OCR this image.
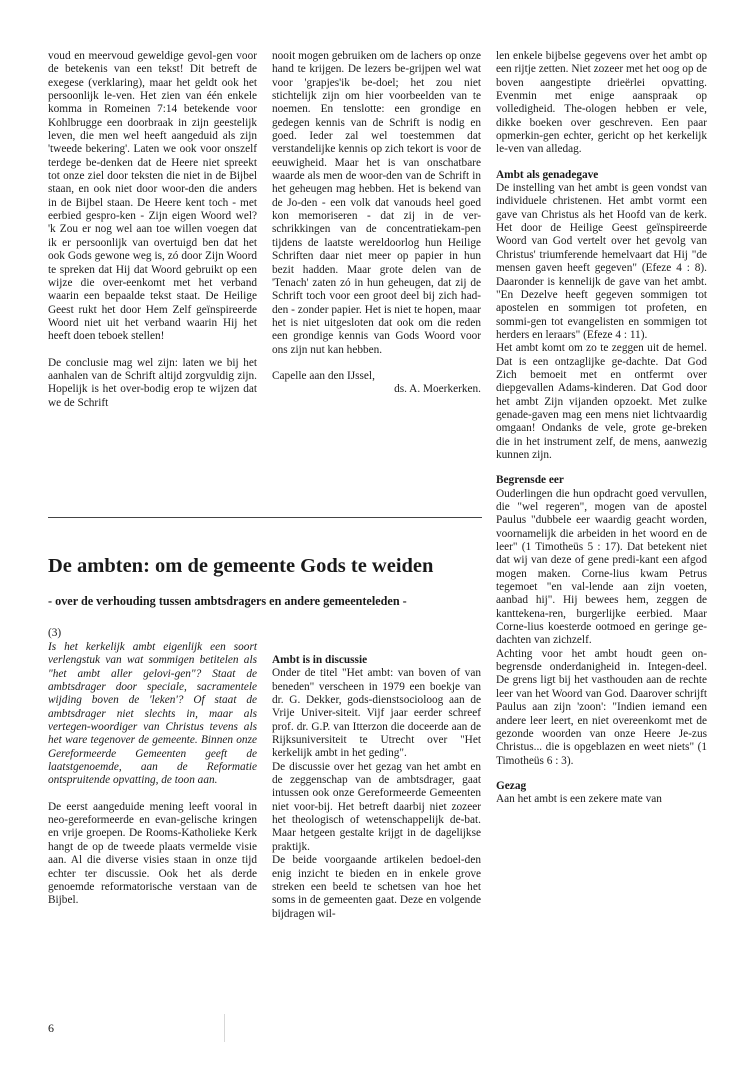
voud en meervoud geweldige gevol-gen voor de betekenis van een tekst! Dit betreft de exegese (verklaring), maar het geldt ook het persoonlijk le-ven. Het zien van één enkele komma in Romeinen 7:14 betekende voor Kohlbrugge een doorbraak in zijn geestelijk leven, die men wel heeft aangeduid als zijn 'tweede bekering'. Laten we ook voor onszelf terdege be-denken dat de Heere niet spreekt tot onze ziel door teksten die niet in de Bijbel staan, en ook niet door woor-den die anders in de Bijbel staan. De Heere kent toch - met eerbied gespro-ken - Zijn eigen Woord wel? 'k Zou er nog wel aan toe willen voegen dat ik er persoonlijk van overtuigd ben dat het ook Gods gewone weg is, zó door Zijn Woord te spreken dat Hij dat Woord gebruikt op een wijze die over-eenkomt met het verband waarin een bepaalde tekst staat. De Heilige Geest rukt het door Hem Zelf geïnspireerde Woord niet uit het verband waarin Hij het heeft doen teboek stellen!

De conclusie mag wel zijn: laten we bij het aanhalen van de Schrift altijd zorgvuldig zijn. Hopelijk is het over-bodig erop te wijzen dat we de Schrift

nooit mogen gebruiken om de lachers op onze hand te krijgen. De lezers be-grijpen wel wat voor 'grapjes'ik be-doel; het zou niet stichtelijk zijn om hier voorbeelden van te noemen. En tenslotte: een grondige en gedegen kennis van de Schrift is nodig en goed. Ieder zal wel toestemmen dat verstandelijke kennis op zich tekort is voor de eeuwigheid. Maar het is van onschatbare waarde als men de woor-den van de Schrift in het geheugen mag hebben. Het is bekend van de Jo-den - een volk dat vanouds heel goed kon memoriseren - dat zij in de ver-schrikkingen van de concentratiekam-pen tijdens de laatste wereldoorlog hun Heilige Schriften daar niet meer op papier in hun bezit hadden. Maar grote delen van de 'Tenach' zaten zó in hun geheugen, dat zij de Schrift toch voor een groot deel bij zich had-den - zonder papier. Het is niet te hopen, maar het is niet uitgesloten dat ook om die reden een grondige kennis van Gods Woord voor ons zijn nut kan hebben.

Capelle aan den IJssel,

ds. A. Moerkerken.

len enkele bijbelse gegevens over het ambt op een rijtje zetten. Niet zozeer met het oog op de boven aangestipte drieërlei opvatting. Evenmin met enige aanspraak op volledigheid. The-ologen hebben er vele, dikke boeken over geschreven. Een paar opmerkin-gen echter, gericht op het kerkelijk le-ven van alledag.

Ambt als genadegave

De instelling van het ambt is geen vondst van individuele christenen. Het ambt vormt een gave van Christus als het Hoofd van de kerk. Het door de Heilige Geest geïnspireerde Woord van God vertelt over het gevolg van Christus' triumferende hemelvaart dat Hij "de mensen gaven heeft gegeven" (Efeze 4 : 8). Daaronder is kennelijk de gave van het ambt. "En Dezelve heeft gegeven sommigen tot apostelen en sommigen tot profeten, en sommi-gen tot evangelisten en sommigen tot herders en leraars" (Efeze 4 : 11).

Het ambt komt om zo te zeggen uit de hemel. Dat is een ontzaglijke ge-dachte. Dat God Zich bemoeit met en ontfermt over diepgevallen Adams-kinderen. Dat God door het ambt Zijn vijanden opzoekt. Met zulke genade-gaven mag een mens niet lichtvaardig omgaan! Ondanks de vele, grote ge-breken die in het instrument zelf, de mens, aanwezig kunnen zijn.

Begrensde eer

Ouderlingen die hun opdracht goed vervullen, die "wel regeren", mogen van de apostel Paulus "dubbele eer waardig geacht worden, voornamelijk die arbeiden in het woord en de leer" (1 Timotheüs 5 : 17). Dat betekent niet dat wij van deze of gene predi-kant een afgod mogen maken. Corne-lius kwam Petrus tegemoet "en val-lende aan zijn voeten, aanbad hij". Hij bewees hem, zeggen de kanttekena-ren, burgerlijke eerbied. Maar Corne-lius koesterde ootmoed en geringe ge-dachten van zichzelf.

Achting voor het ambt houdt geen on-begrensde onderdanigheid in. Integen-deel. De grens ligt bij het vasthouden aan de rechte leer van het Woord van God. Daarover schrijft Paulus aan zijn 'zoon': "Indien iemand een andere leer leert, en niet overeenkomt met de gezonde woorden van onze Heere Je-zus Christus... die is opgeblazen en weet niets" (1 Timotheüs 6 : 3).

Gezag

Aan het ambt is een zekere mate van

De ambten: om de gemeente Gods te weiden
- over de verhouding tussen ambtsdragers en andere gemeenteleden -
(3)

Is het kerkelijk ambt eigenlijk een soort verlengstuk van wat sommigen betitelen als "het ambt aller gelovi-gen"? Staat de ambtsdrager door speciale, sacramentele wijding boven de 'leken'? Of staat de ambtsdrager niet slechts in, maar als vertegen-woordiger van Christus tevens als het ware tegenover de gemeente. Binnen onze Gereformeerde Gemeenten geeft de laatstgenoemde, aan de Reformatie ontspruitende opvatting, de toon aan.

De eerst aangeduide mening leeft vooral in neo-gereformeerde en evan-gelische kringen en vrije groepen. De Rooms-Katholieke Kerk hangt de op de tweede plaats vermelde visie aan. Al die diverse visies staan in onze tijd echter ter discussie. Ook het als derde genoemde reformatorische verstaan van de Bijbel.

Ambt is in discussie

Onder de titel "Het ambt: van boven of van beneden" verscheen in 1979 een boekje van dr. G. Dekker, gods-dienstsocioloog aan de Vrije Univer-siteit. Vijf jaar eerder schreef prof. dr. G.P. van Itterzon die doceerde aan de Rijksuniversiteit te Utrecht over "Het kerkelijk ambt in het geding".

De discussie over het gezag van het ambt en de zeggenschap van de ambtsdrager, gaat intussen ook onze Gereformeerde Gemeenten niet voor-bij. Het betreft daarbij niet zozeer het theologisch of wetenschappelijk de-bat. Maar hetgeen gestalte krijgt in de dagelijkse praktijk.

De beide voorgaande artikelen bedoel-den enig inzicht te bieden en in enkele grove streken een beeld te schetsen van hoe het soms in de gemeenten gaat. Deze en volgende bijdragen wil-

6
